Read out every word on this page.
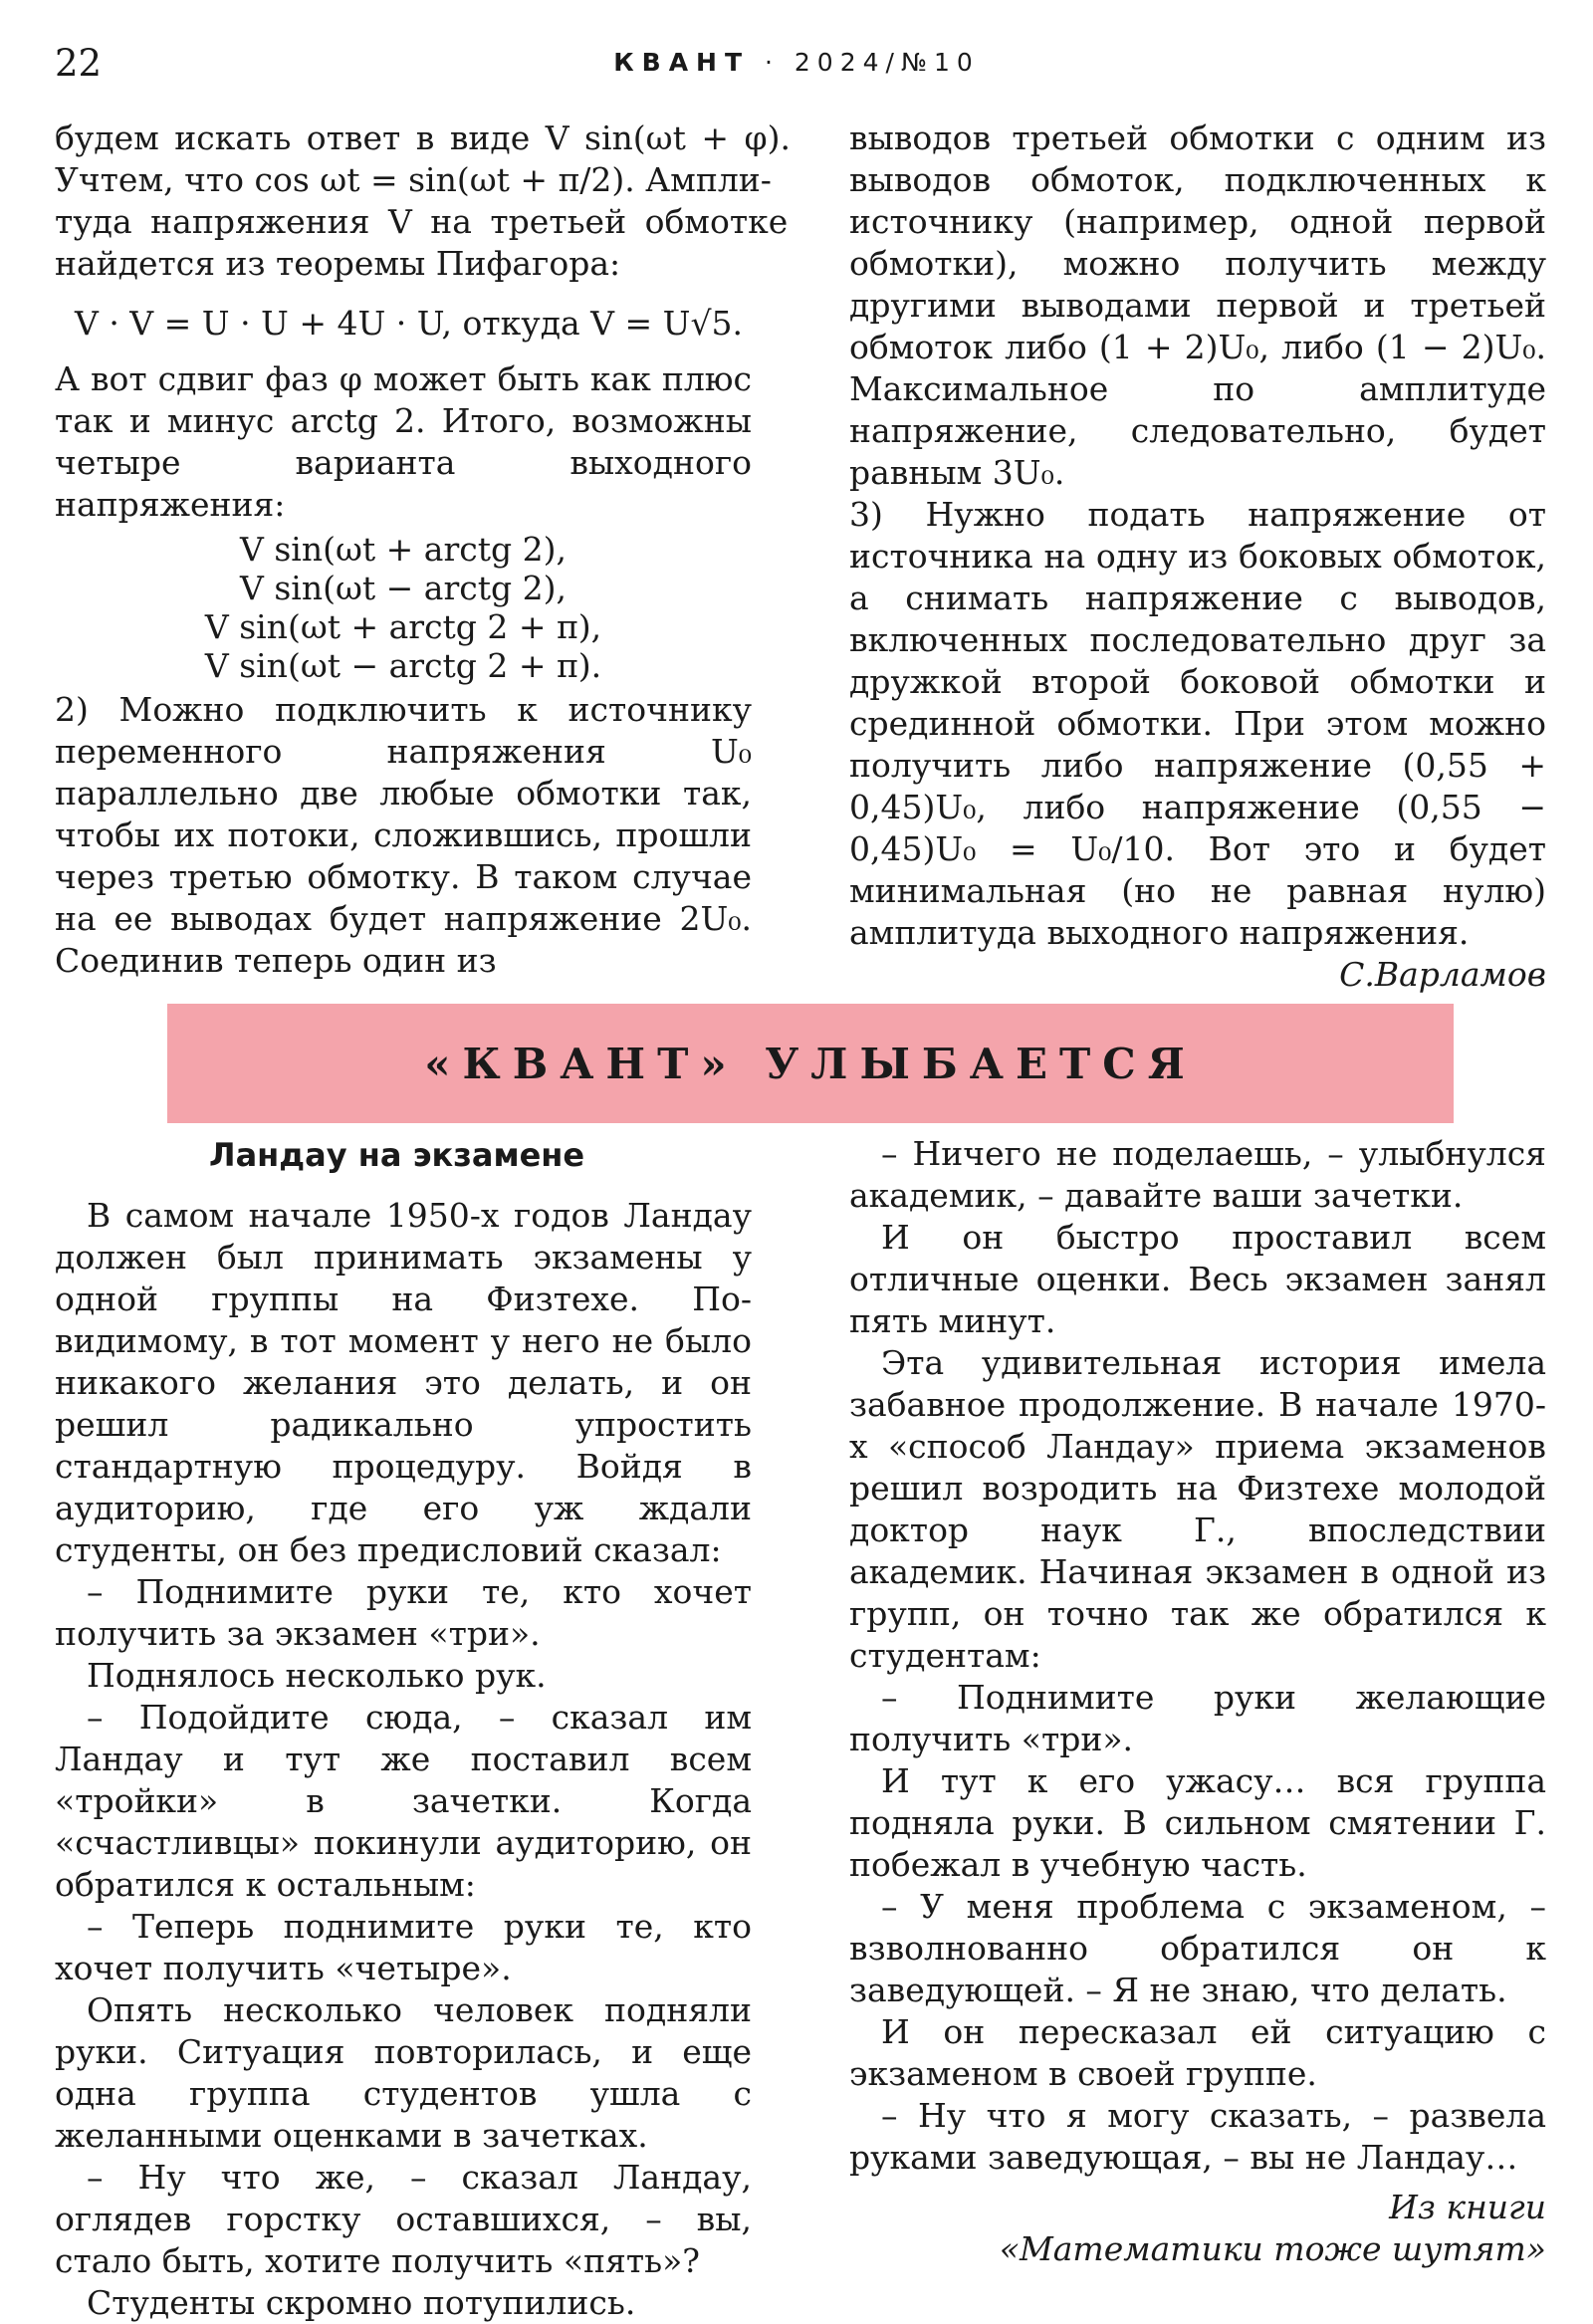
22	КВАНТ · 2024/№10

будем искать ответ в виде V sin(ωt + φ).

Учтем, что cos ωt = sin(ωt + π/2). Ампли-

туда напряжения V на третьей обмотке

найдется из теоремы Пифагора:

V · V = U · U + 4U · U, откуда V = U√5.

А вот сдвиг фаз φ может быть как плюс так и минус arctg 2. Итого, возможны четыре варианта выходного напряжения:

V sin(ωt + arctg 2),

V sin(ωt − arctg 2),

V sin(ωt + arctg 2 + π),

V sin(ωt − arctg 2 + π).

2) Можно подключить к источнику переменного напряжения U₀ параллельно две любые обмотки так, чтобы их потоки, сложившись, прошли через третью обмотку. В таком случае на ее выводах будет напряжение 2U₀. Соединив теперь один из

выводов третьей обмотки с одним из выводов обмоток, подключенных к источнику (например, одной первой обмотки), можно получить между другими выводами первой и третьей обмоток либо (1 + 2)U₀, либо (1 − 2)U₀. Максимальное по амплитуде напряжение, следовательно, будет равным 3U₀.

3) Нужно подать напряжение от источника на одну из боковых обмоток, а снимать напряжение с выводов, включенных последовательно друг за дружкой второй боковой обмотки и срединной обмотки. При этом можно получить либо напряжение (0,55 + 0,45)U₀, либо напряжение (0,55 − 0,45)U₀ = U₀/10. Вот это и будет минимальная (но не равная нулю) амплитуда выходного напряжения.

С.Варламов

«КВАНТ» УЛЫБАЕТСЯ
Ландау на экзамене

В самом начале 1950-х годов Ландау должен был принимать экзамены у одной группы на Физтехе. По-видимому, в тот момент у него не было никакого желания это делать, и он решил радикально упростить стандартную процедуру. Войдя в аудиторию, где его уж ждали студенты, он без предисловий сказал:

– Поднимите руки те, кто хочет получить за экзамен «три».

Поднялось несколько рук.

– Подойдите сюда, – сказал им Ландау и тут же поставил всем «тройки» в зачетки. Когда «счастливцы» покинули аудиторию, он обратился к остальным:

– Теперь поднимите руки те, кто хочет получить «четыре».

Опять несколько человек подняли руки. Ситуация повторилась, и еще одна группа студентов ушла с желанными оценками в зачетках.

– Ну что же, – сказал Ландау, оглядев горстку оставшихся, – вы, стало быть, хотите получить «пять»?

Студенты скромно потупились.

– Ничего не поделаешь, – улыбнулся академик, – давайте ваши зачетки.

И он быстро проставил всем отличные оценки. Весь экзамен занял пять минут.

Эта удивительная история имела забавное продолжение. В начале 1970-х «способ Ландау» приема экзаменов решил возродить на Физтехе молодой доктор наук Г., впоследствии академик. Начиная экзамен в одной из групп, он точно так же обратился к студентам:

– Поднимите руки желающие получить «три».

И тут к его ужасу… вся группа подняла руки. В сильном смятении Г. побежал в учебную часть.

– У меня проблема с экзаменом, – взволнованно обратился он к заведующей. – Я не знаю, что делать.

И он пересказал ей ситуацию с экзаменом в своей группе.

– Ну что я могу сказать, – развела руками заведующая, – вы не Ландау…

Из книги
«Математики тоже шутят»
